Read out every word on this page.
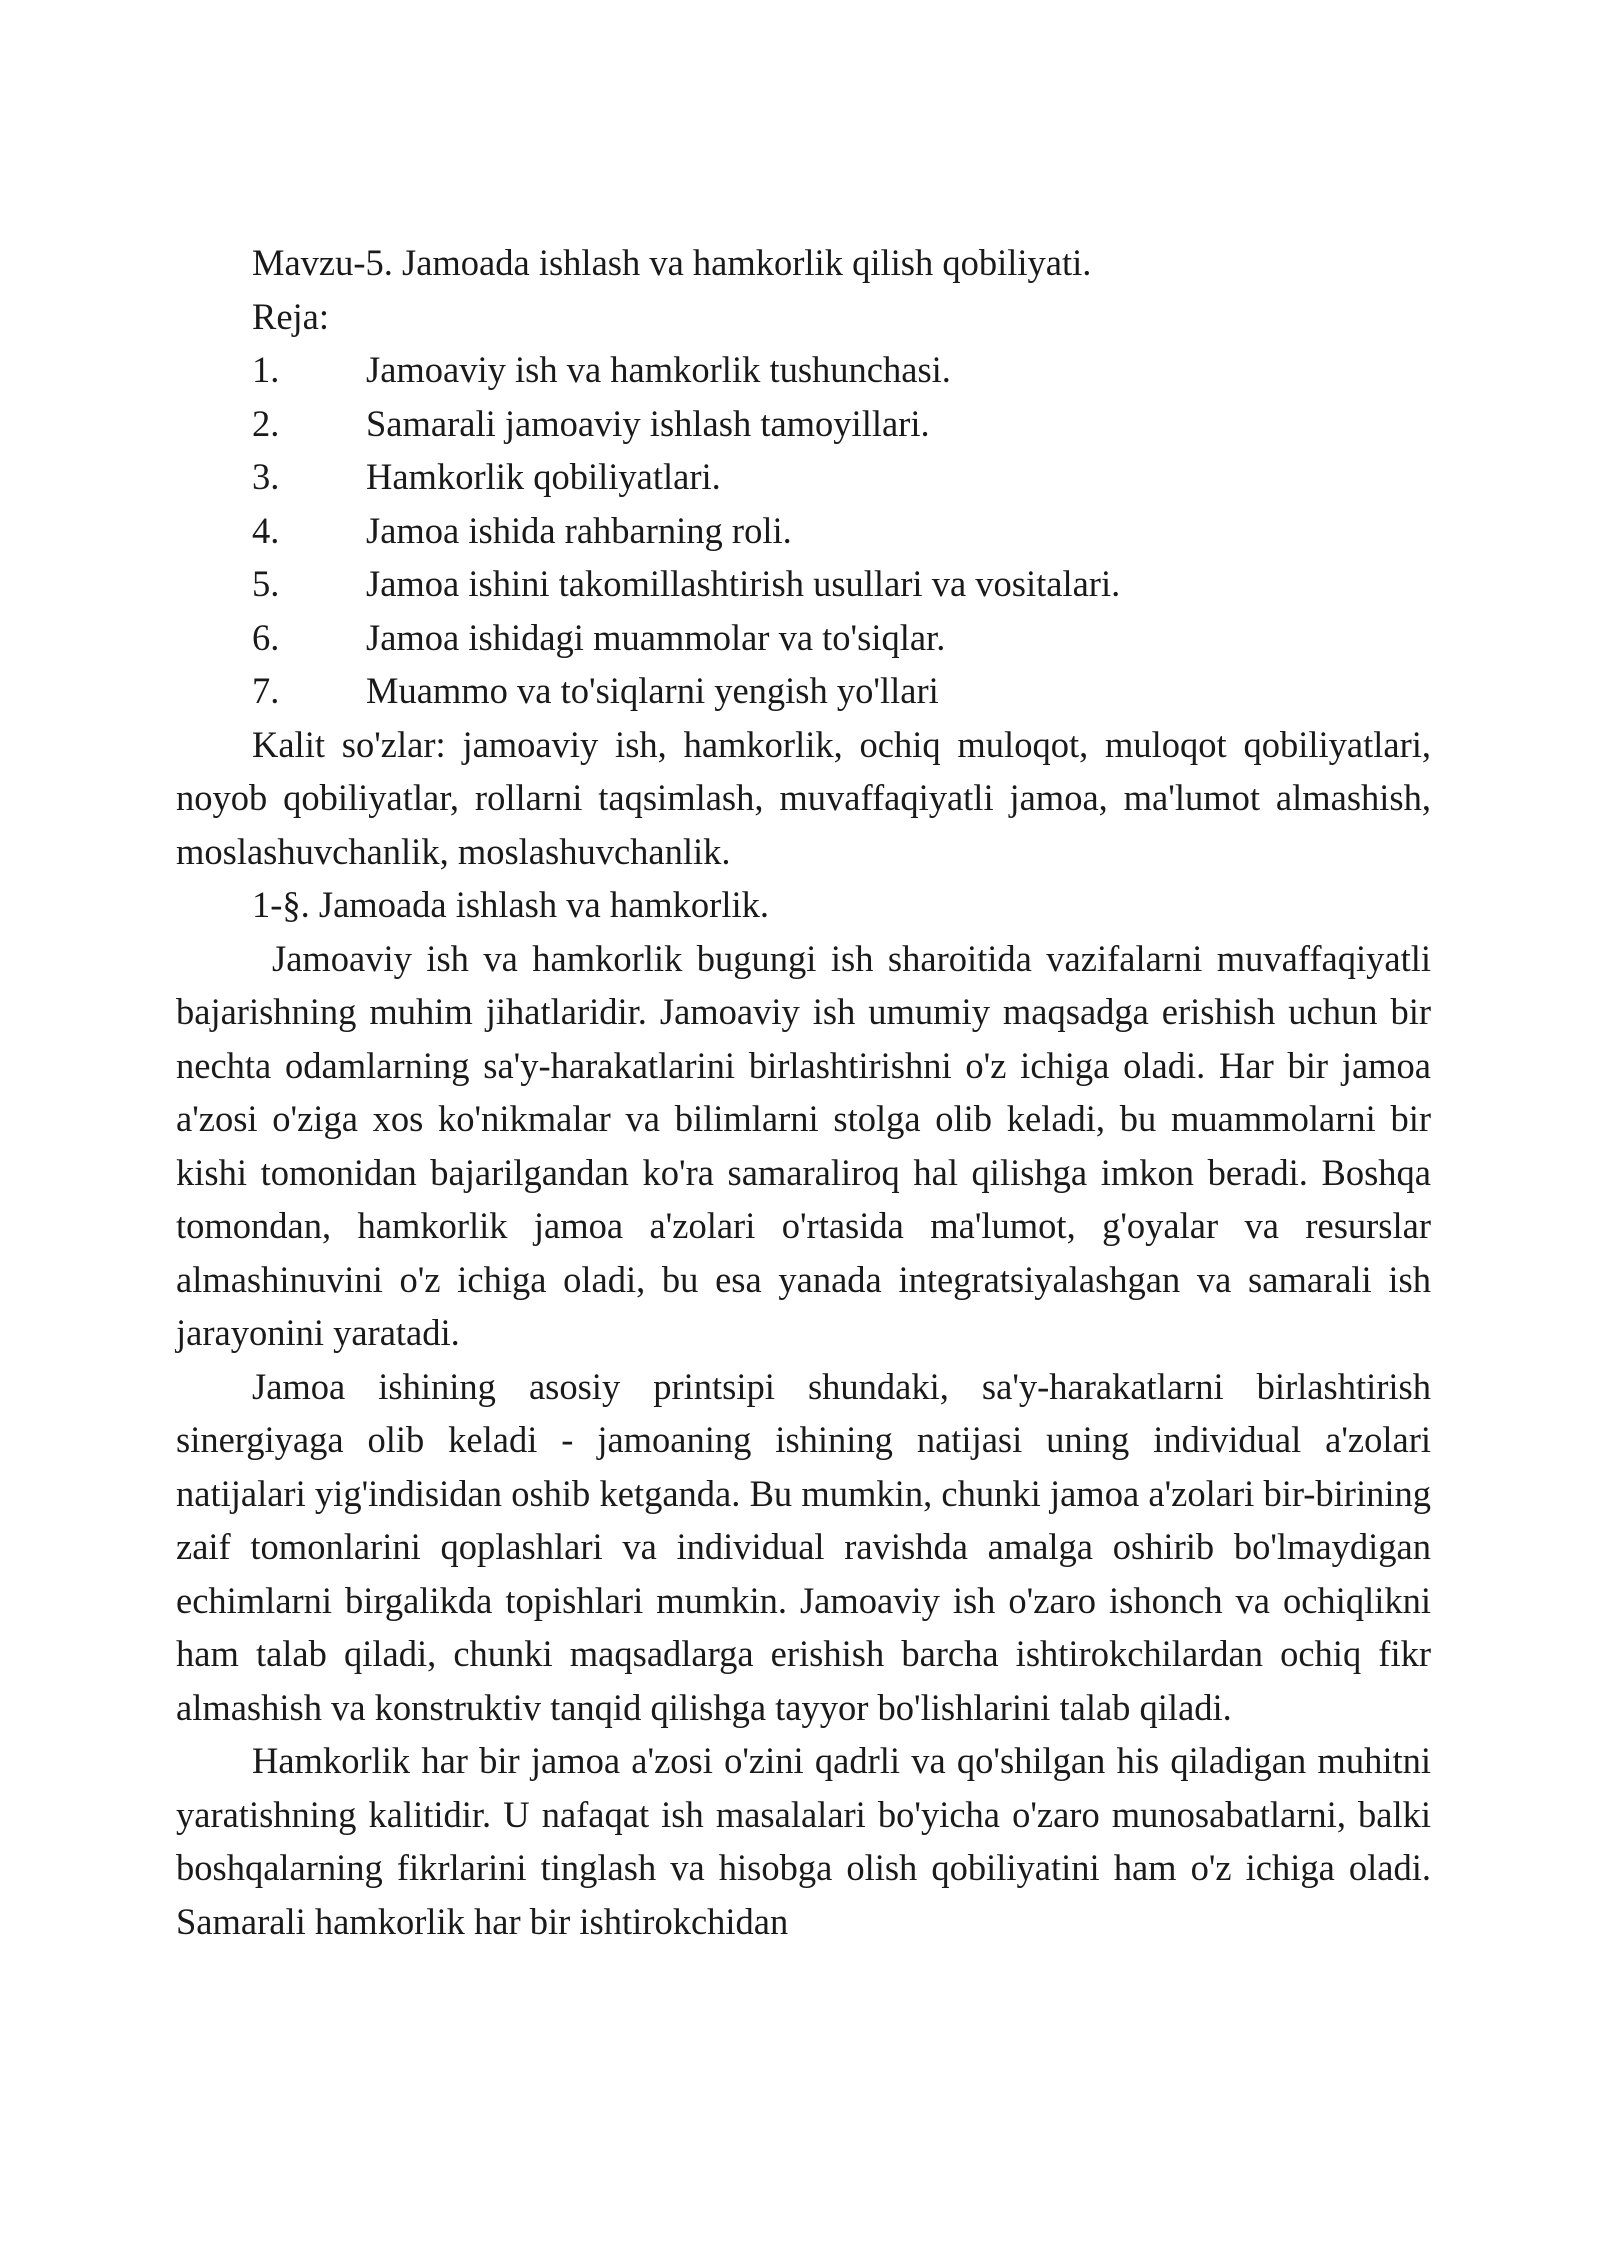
Mavzu-5. Jamoada ishlash va hamkorlik qilish qobiliyati.

Reja:

1.	Jamoaviy ish va hamkorlik tushunchasi.
2.	Samarali jamoaviy ishlash tamoyillari.
3.	Hamkorlik qobiliyatlari.
4.	Jamoa ishida rahbarning roli.
5.	Jamoa ishini takomillashtirish usullari va vositalari.
6.	Jamoa ishidagi muammolar va to'siqlar.
7.	Muammo va to'siqlarni yengish yo'llari

Kalit so'zlar: jamoaviy ish, hamkorlik, ochiq muloqot, muloqot qobiliyatlari, noyob qobiliyatlar, rollarni taqsimlash, muvaffaqiyatli jamoa, ma'lumot almashish, moslashuvchanlik, moslashuvchanlik.

1-§. Jamoada ishlash va hamkorlik.

Jamoaviy ish va hamkorlik bugungi ish sharoitida vazifalarni muvaffaqiyatli bajarishning muhim jihatlaridir. Jamoaviy ish umumiy maqsadga erishish uchun bir nechta odamlarning sa'y-harakatlarini birlashtirishni o'z ichiga oladi. Har bir jamoa a'zosi o'ziga xos ko'nikmalar va bilimlarni stolga olib keladi, bu muammolarni bir kishi tomonidan bajarilgandan ko'ra samaraliroq hal qilishga imkon beradi. Boshqa tomondan, hamkorlik jamoa a'zolari o'rtasida ma'lumot, g'oyalar va resurslar almashinuvini o'z ichiga oladi, bu esa yanada integratsiyalashgan va samarali ish jarayonini yaratadi.

Jamoa ishining asosiy printsipi shundaki, sa'y-harakatlarni birlashtirish sinergiyaga olib keladi - jamoaning ishining natijasi uning individual a'zolari natijalari yig'indisidan oshib ketganda. Bu mumkin, chunki jamoa a'zolari bir-birining zaif tomonlarini qoplashlari va individual ravishda amalga oshirib bo'lmaydigan echimlarni birgalikda topishlari mumkin. Jamoaviy ish o'zaro ishonch va ochiqlikni ham talab qiladi, chunki maqsadlarga erishish barcha ishtirokchilardan ochiq fikr almashish va konstruktiv tanqid qilishga tayyor bo'lishlarini talab qiladi.

Hamkorlik har bir jamoa a'zosi o'zini qadrli va qo'shilgan his qiladigan muhitni yaratishning kalitidir. U nafaqat ish masalalari bo'yicha o'zaro munosabatlarni, balki boshqalarning fikrlarini tinglash va hisobga olish qobiliyatini ham o'z ichiga oladi. Samarali hamkorlik har bir ishtirokchidan
